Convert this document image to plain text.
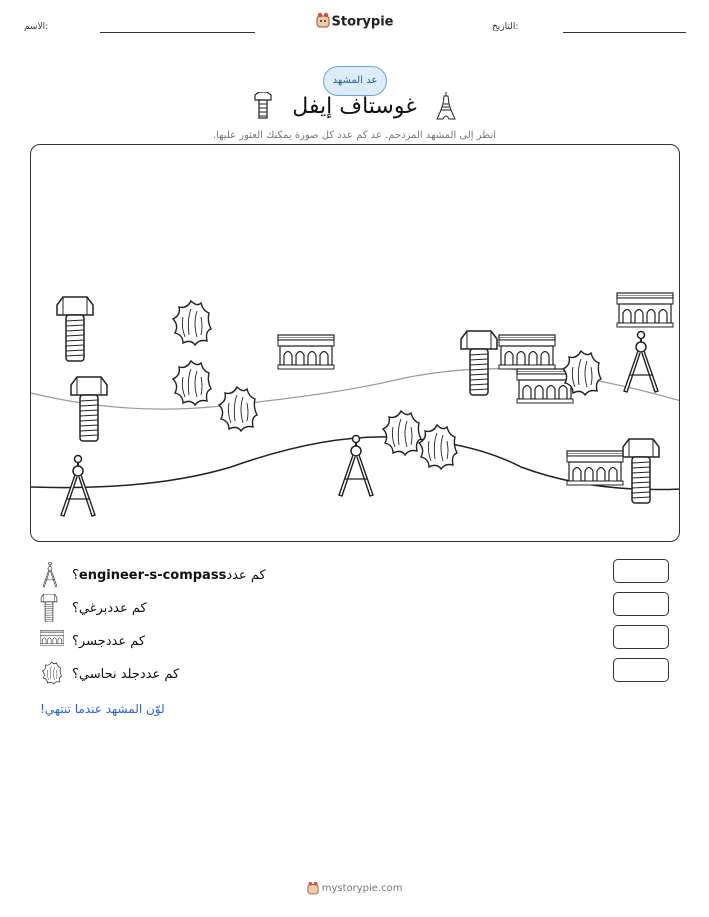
الاسم:	Storypie	التاريخ:
عد المشهد
غوستاف إيفل
انظر إلى المشهد المزدحم. عد كم عدد كل صورة يمكنك العثور عليها.
كم عدد
engineer-s-compass
؟
كم عدد
برغي
؟
كم عدد
جسر
؟
كم عدد
جلد نحاسي
؟
لوّن المشهد عندما تنتهي!
mystorypie.com
